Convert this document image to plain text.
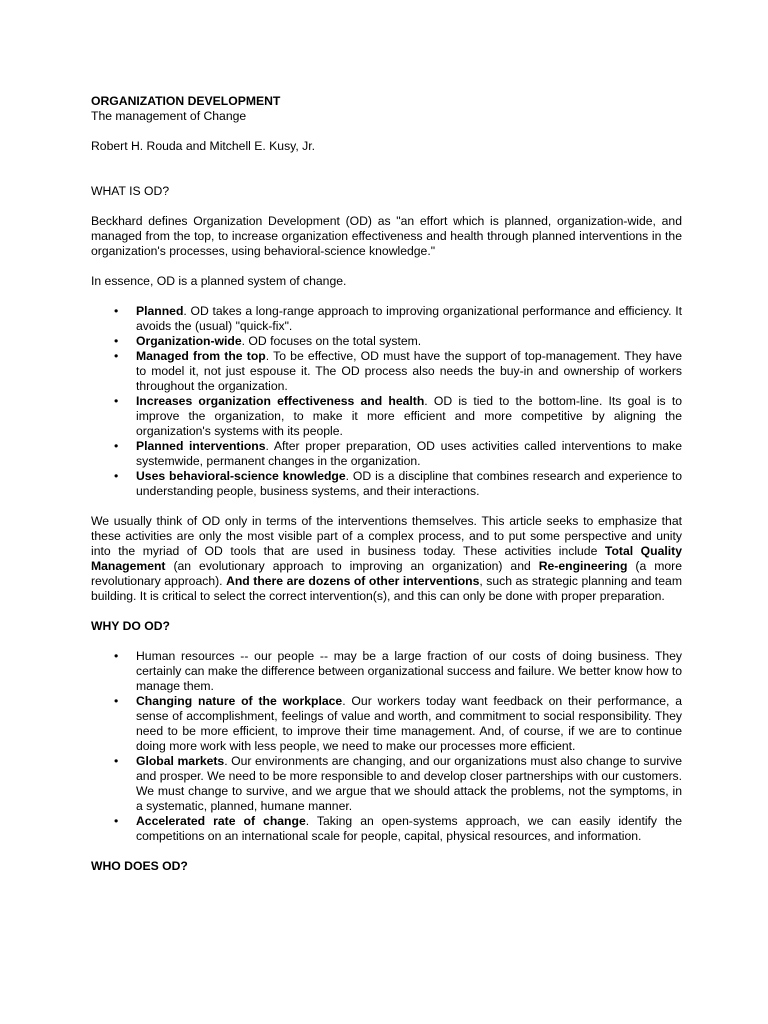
ORGANIZATION DEVELOPMENT

The management of Change

Robert H. Rouda and Mitchell E. Kusy, Jr.

WHAT IS OD?

Beckhard defines Organization Development (OD) as "an effort which is planned, organization-wide, and managed from the top, to increase organization effectiveness and health through planned interventions in the organization's processes, using behavioral-science knowledge."

In essence, OD is a planned system of change.

• Planned. OD takes a long-range approach to improving organizational performance and efficiency. It avoids the (usual) "quick-fix".
• Organization-wide. OD focuses on the total system.
• Managed from the top. To be effective, OD must have the support of top-management. They have to model it, not just espouse it. The OD process also needs the buy-in and ownership of workers throughout the organization.
• Increases organization effectiveness and health. OD is tied to the bottom-line. Its goal is to improve the organization, to make it more efficient and more competitive by aligning the organization's systems with its people.
• Planned interventions. After proper preparation, OD uses activities called interventions to make systemwide, permanent changes in the organization.
• Uses behavioral-science knowledge. OD is a discipline that combines research and experience to understanding people, business systems, and their interactions.

We usually think of OD only in terms of the interventions themselves. This article seeks to emphasize that these activities are only the most visible part of a complex process, and to put some perspective and unity into the myriad of OD tools that are used in business today. These activities include Total Quality Management (an evolutionary approach to improving an organization) and Re-engineering (a more revolutionary approach). And there are dozens of other interventions, such as strategic planning and team building. It is critical to select the correct intervention(s), and this can only be done with proper preparation.

WHY DO OD?

• Human resources -- our people -- may be a large fraction of our costs of doing business. They certainly can make the difference between organizational success and failure. We better know how to manage them.
• Changing nature of the workplace. Our workers today want feedback on their performance, a sense of accomplishment, feelings of value and worth, and commitment to social responsibility. They need to be more efficient, to improve their time management. And, of course, if we are to continue doing more work with less people, we need to make our processes more efficient.
• Global markets. Our environments are changing, and our organizations must also change to survive and prosper. We need to be more responsible to and develop closer partnerships with our customers. We must change to survive, and we argue that we should attack the problems, not the symptoms, in a systematic, planned, humane manner.
• Accelerated rate of change. Taking an open-systems approach, we can easily identify the competitions on an international scale for people, capital, physical resources, and information.

WHO DOES OD?
